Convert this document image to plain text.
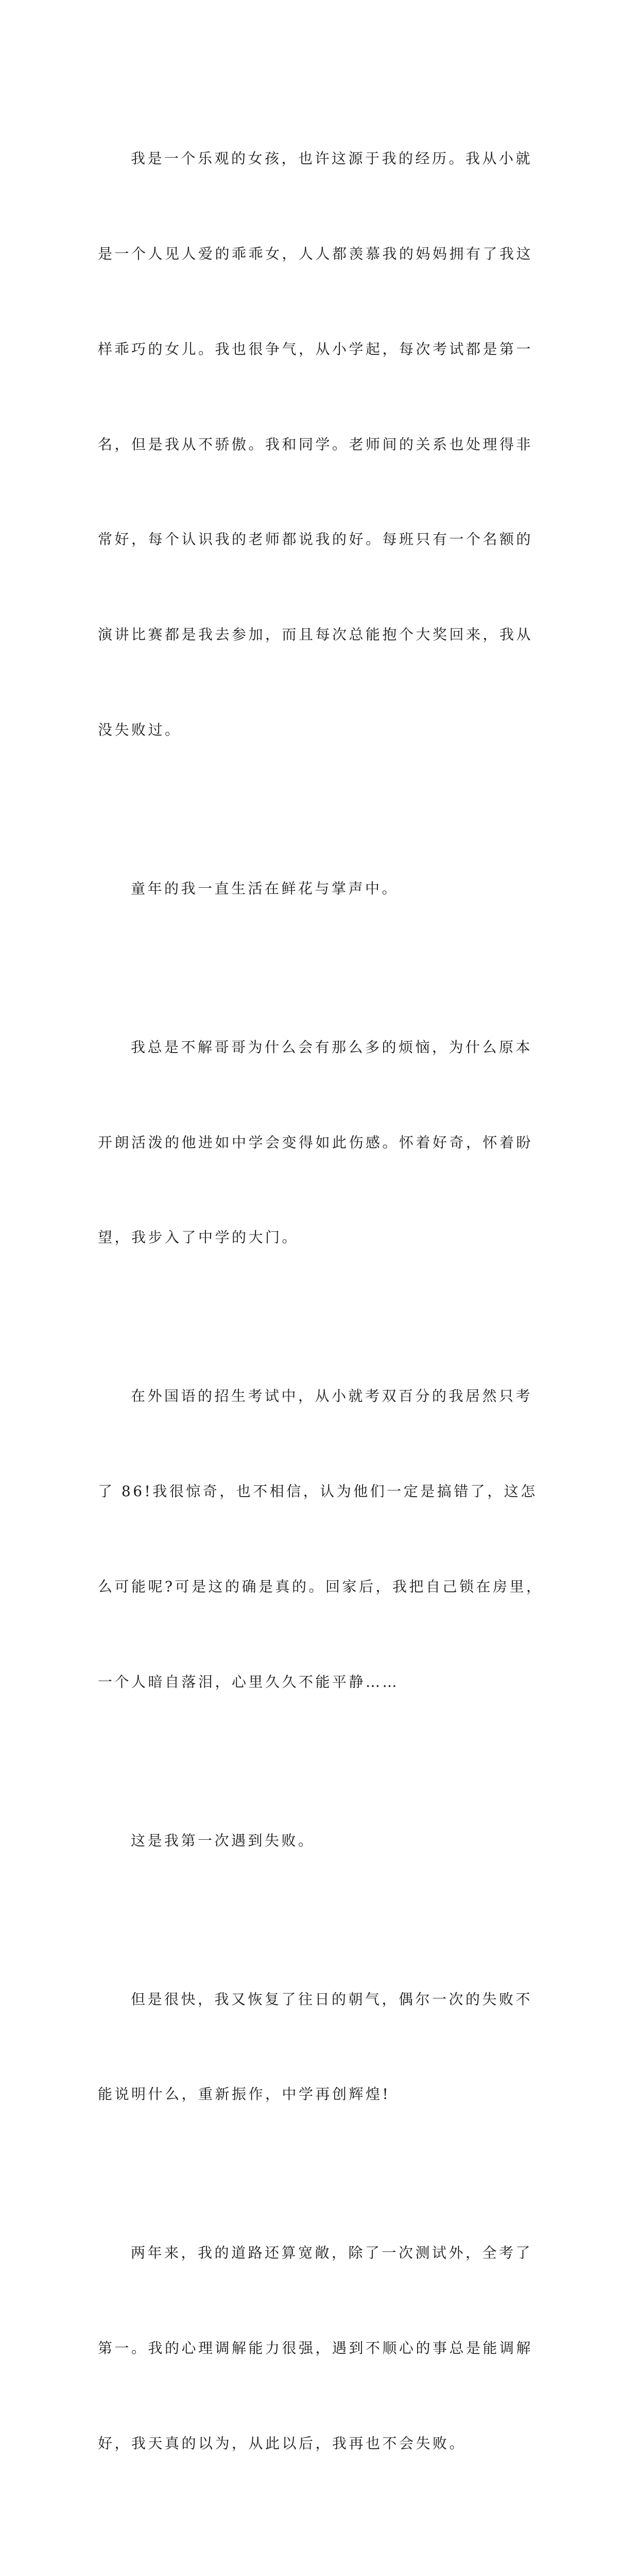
我是一个乐观的女孩，也许这源于我的经历。我从小就

是一个人见人爱的乖乖女，人人都羡慕我的妈妈拥有了我这

样乖巧的女儿。我也很争气，从小学起，每次考试都是第一

名，但是我从不骄傲。我和同学。老师间的关系也处理得非

常好，每个认识我的老师都说我的好。每班只有一个名额的

演讲比赛都是我去参加，而且每次总能抱个大奖回来，我从

没失败过。

童年的我一直生活在鲜花与掌声中。

我总是不解哥哥为什么会有那么多的烦恼，为什么原本

开朗活泼的他进如中学会变得如此伤感。怀着好奇，怀着盼

望，我步入了中学的大门。

在外国语的招生考试中，从小就考双百分的我居然只考

了 86!我很惊奇，也不相信，认为他们一定是搞错了，这怎

么可能呢?可是这的确是真的。回家后，我把自己锁在房里，

一个人暗自落泪，心里久久不能平静……

这是我第一次遇到失败。

但是很快，我又恢复了往日的朝气，偶尔一次的失败不

能说明什么，重新振作，中学再创辉煌!

两年来，我的道路还算宽敞，除了一次测试外，全考了

第一。我的心理调解能力很强，遇到不顺心的事总是能调解

好，我天真的以为，从此以后，我再也不会失败。
